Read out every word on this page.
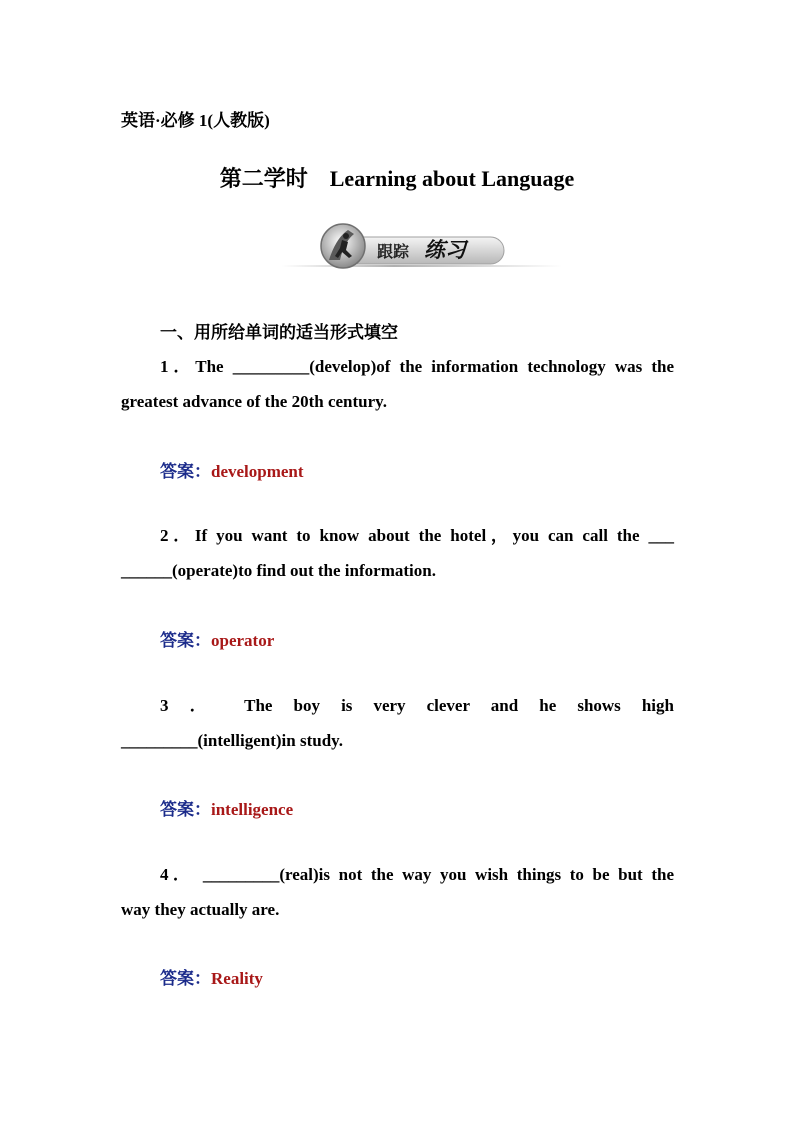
英语·必修 1(人教版)
第二学时 Learning about Language
跟踪 练习
一、用所给单词的适当形式填空
1．The _________(develop)of the information technology was the
greatest advance of the 20th century.
答案：development
2．If you want to know about the hotel，you can call the ___
______(operate)to find out the information.
答案：operator
3 ． The boy is very clever and he shows high
_________(intelligent)in study.
答案：intelligence
4． _________(real)is not the way you wish things to be but the
way they actually are.
答案：Reality
